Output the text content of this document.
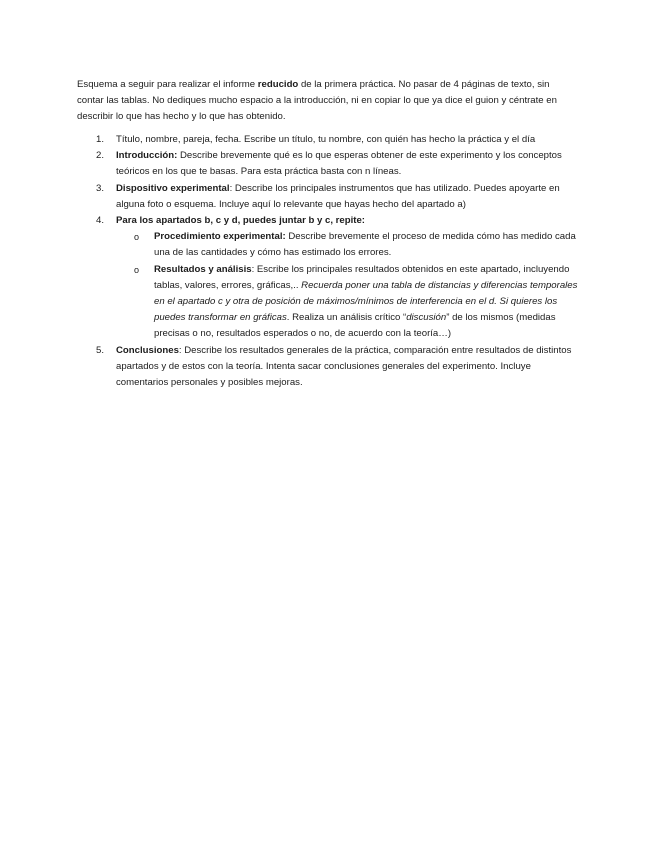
Esquema a seguir para realizar el informe reducido de la primera práctica. No pasar de 4 páginas de texto, sin contar las tablas. No dediques mucho espacio a la introducción, ni en copiar lo que ya dice el guion y céntrate en describir lo que has hecho y lo que has obtenido.

1.	Título, nombre, pareja, fecha. Escribe un título, tu nombre, con quién has hecho la práctica y el día
2.	Introducción: Describe brevemente qué es lo que esperas obtener de este experimento y los conceptos teóricos en los que te basas. Para esta práctica basta con n líneas.
3.	Dispositivo experimental: Describe los principales instrumentos que has utilizado. Puedes apoyarte en alguna foto o esquema. Incluye aquí lo relevante que hayas hecho del apartado a)
4.	Para los apartados b, c y d, puedes juntar b y c, repite:
o Procedimiento experimental: Describe brevemente el proceso de medida cómo has medido cada una de las cantidades y cómo has estimado los errores.
o Resultados y análisis: Escribe los principales resultados obtenidos en este apartado, incluyendo tablas, valores, errores, gráficas,.. Recuerda poner una tabla de distancias y diferencias temporales en el apartado c y otra de posición de máximos/mínimos de interferencia en el d. Si quieres los puedes transformar en gráficas. Realiza un análisis crítico “discusión” de los mismos (medidas precisas o no, resultados esperados o no, de acuerdo con la teoría…)
5.	Conclusiones: Describe los resultados generales de la práctica, comparación entre resultados de distintos apartados y de estos con la teoría. Intenta sacar conclusiones generales del experimento. Incluye comentarios personales y posibles mejoras.
